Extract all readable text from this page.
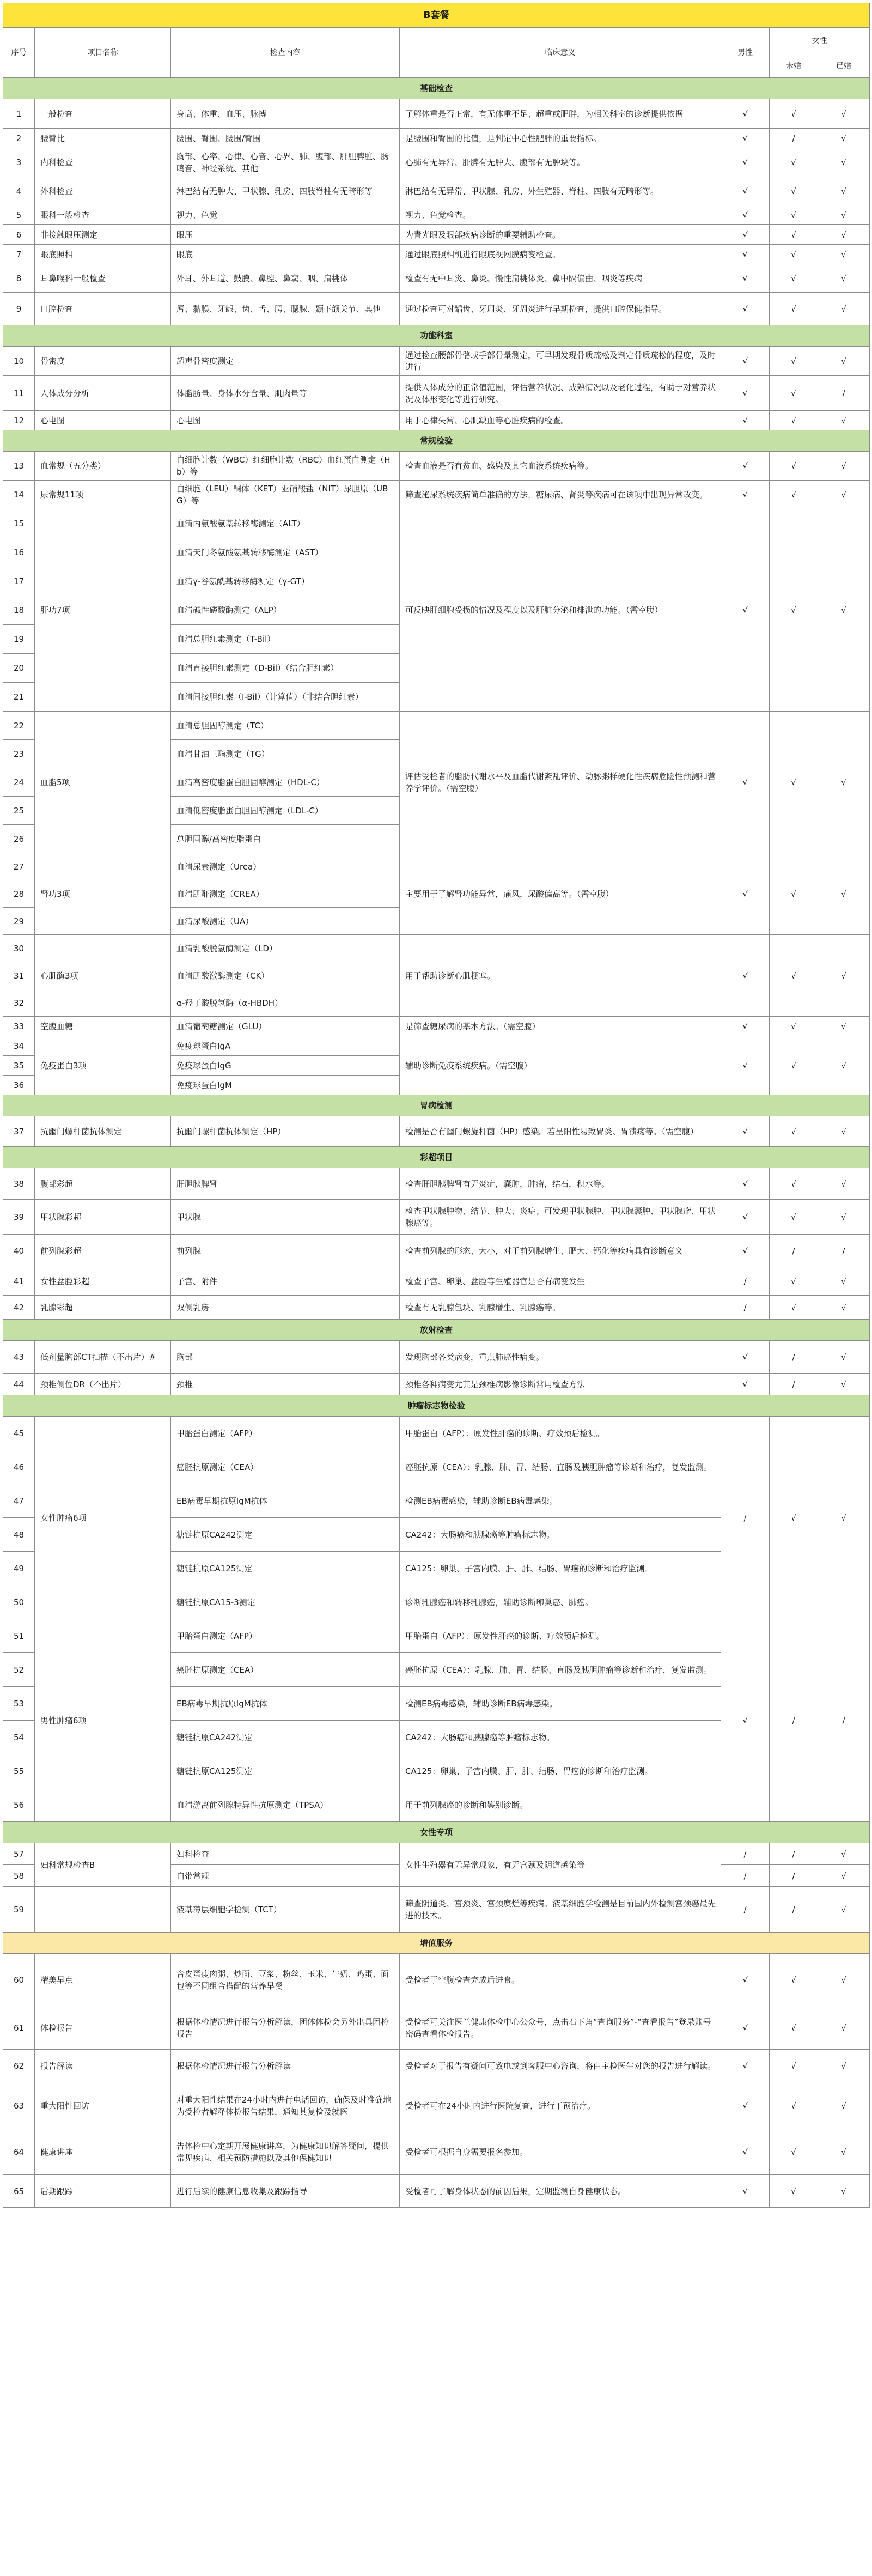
B套餐						
序号	项目名称	检查内容	临床意义	男性	女性	
					未婚	已婚
基础检查						
1	一般检查	身高、体重、血压、脉搏	了解体重是否正常，有无体重不足、超重或肥胖，为相关科室的诊断提供依据	√	√	√
2	腰臀比	腰围、臀围、腰围/臀围	是腰围和臀围的比值，是判定中心性肥胖的重要指标。	√	/	√
3	内科检查	胸部、心率、心律、心音、心界、肺、腹部、肝胆脾脏、肠鸣音、神经系统、其他	心肺有无异常、肝脾有无肿大、腹部有无肿块等。	√	√	√
4	外科检查	淋巴结有无肿大、甲状腺、乳房、四肢脊柱有无畸形等	淋巴结有无异常、甲状腺、乳房、外生殖器、脊柱、四肢有无畸形等。	√	√	√
5	眼科一般检查	视力、色觉	视力、色觉检查。	√	√	√
6	非接触眼压测定	眼压	为青光眼及眼部疾病诊断的重要辅助检查。	√	√	√
7	眼底照相	眼底	通过眼底照相机进行眼底视网膜病变检查。	√	√	√
8	耳鼻喉科一般检查	外耳、外耳道、鼓膜、鼻腔、鼻窦、咽、扁桃体	检查有无中耳炎、鼻炎、慢性扁桃体炎、鼻中隔偏曲、咽炎等疾病	√	√	√
9	口腔检查	唇、黏膜、牙龈、齿、舌、腭、腮腺、颞下颌关节、其他	通过检查可对龋齿、牙周炎、牙周炎进行早期检查，提供口腔保健指导。	√	√	√
功能科室						
10	骨密度	超声骨密度测定	通过检查腰部骨骼或手部骨量测定，可早期发现骨质疏松及判定骨质疏松的程度，及时进行	√	√	√
11	人体成分分析	体脂肪量、身体水分含量、肌肉量等	提供人体成分的正常值范围，评估营养状况、成熟情况以及老化过程，有助于对营养状况及体形变化等进行研究。	√	√	/
12	心电图	心电图	用于心律失常、心肌缺血等心脏疾病的检查。	√	√	√
常规检验						
13	血常规（五分类）	白细胞计数（WBC）红细胞计数（RBC）血红蛋白测定（Hb）等	检查血液是否有贫血、感染及其它血液系统疾病等。	√	√	√
14	尿常规11项	白细胞（LEU）酮体（KET）亚硝酸盐（NIT）尿胆原（UBG）等	筛查泌尿系统疾病简单准确的方法，糖尿病、肾炎等疾病可在该项中出现异常改变。	√	√	√
15	肝功7项	血清丙氨酸氨基转移酶测定（ALT）	可反映肝细胞受损的情况及程度以及肝脏分泌和排泄的功能。（需空腹）	√	√	√
16		血清天门冬氨酸氨基转移酶测定（AST）				
17		血清γ-谷氨酰基转移酶测定（γ-GT）				
18		血清碱性磷酸酶测定（ALP）				
19		血清总胆红素测定（T-Bil）				
20		血清直接胆红素测定（D-Bil）（结合胆红素）				
21		血清间接胆红素（I-Bil）（计算值）（非结合胆红素）				
22	血脂5项	血清总胆固醇测定（TC）	评估受检者的脂肪代谢水平及血脂代谢紊乱评价、动脉粥样硬化性疾病危险性预测和营养学评价。（需空腹）	√	√	√
23		血清甘油三酯测定（TG）				
24		血清高密度脂蛋白胆固醇测定（HDL-C）				
25		血清低密度脂蛋白胆固醇测定（LDL-C）				
26		总胆固醇/高密度脂蛋白				
27	肾功3项	血清尿素测定（Urea）	主要用于了解肾功能异常，痛风，尿酸偏高等。（需空腹）	√	√	√
28		血清肌酐测定（CREA）				
29		血清尿酸测定（UA）				
30	心肌酶3项	血清乳酸脱氢酶测定（LD）	用于帮助诊断心肌梗塞。	√	√	√
31		血清肌酸激酶测定（CK）				
32		α-羟丁酸脱氢酶（α-HBDH）				
33	空腹血糖	血清葡萄糖测定（GLU）	是筛查糖尿病的基本方法。（需空腹）	√	√	√
34	免疫蛋白3项	免疫球蛋白IgA	辅助诊断免疫系统疾病。（需空腹）	√	√	√
35		免疫球蛋白IgG				
36		免疫球蛋白IgM				
胃病检测						
37	抗幽门螺杆菌抗体测定	抗幽门螺杆菌抗体测定（HP）	检测是否有幽门螺旋杆菌（HP）感染。若呈阳性易致胃炎、胃溃疡等。（需空腹）	√	√	√
彩超项目						
38	腹部彩超	肝胆胰脾肾	检查肝胆胰脾肾有无炎症，囊肿，肿瘤，结石，积水等。	√	√	√
39	甲状腺彩超	甲状腺	检查甲状腺肿物、结节、肿大、炎症；可发现甲状腺肿、甲状腺囊肿、甲状腺瘤、甲状腺癌等。	√	√	√
40	前列腺彩超	前列腺	检查前列腺的形态、大小，对于前列腺增生、肥大、钙化等疾病具有诊断意义	√	/	/
41	女性盆腔彩超	子宫、附件	检查子宫、卵巢、盆腔等生殖器官是否有病变发生	/	√	√
42	乳腺彩超	双侧乳房	检查有无乳腺包块、乳腺增生、乳腺癌等。	/	√	√
放射检查						
43	低剂量胸部CT扫描（不出片）#	胸部	发现胸部各类病变，重点肺癌性病变。	√	/	√
44	颈椎侧位DR（不出片）	颈椎	颈椎各种病变尤其是颈椎病影像诊断常用检查方法	√	/	√
肿瘤标志物检验						
45	女性肿瘤6项	甲胎蛋白测定（AFP）	甲胎蛋白（AFP）：原发性肝癌的诊断、疗效预后检测。	/	√	√
46		癌胚抗原测定（CEA）	癌胚抗原（CEA）：乳腺、肺、胃、结肠、直肠及胰胆肿瘤等诊断和治疗，复发监测。			
47		EB病毒早期抗原IgM抗体	检测EB病毒感染，辅助诊断EB病毒感染。			
48		糖链抗原CA242测定	CA242：大肠癌和胰腺癌等肿瘤标志物。			
49		糖链抗原CA125测定	CA125：卵巢、子宫内膜、肝、肺、结肠、胃癌的诊断和治疗监测。			
50		糖链抗原CA15-3测定	诊断乳腺癌和转移乳腺癌，辅助诊断卵巢癌、肺癌。			
51	男性肿瘤6项	甲胎蛋白测定（AFP）	甲胎蛋白（AFP）：原发性肝癌的诊断、疗效预后检测。	√	/	/
52		癌胚抗原测定（CEA）	癌胚抗原（CEA）：乳腺、肺、胃、结肠、直肠及胰胆肿瘤等诊断和治疗，复发监测。			
53		EB病毒早期抗原IgM抗体	检测EB病毒感染，辅助诊断EB病毒感染。			
54		糖链抗原CA242测定	CA242：大肠癌和胰腺癌等肿瘤标志物。			
55		糖链抗原CA125测定	CA125：卵巢、子宫内膜、肝、肺、结肠、胃癌的诊断和治疗监测。			
56		血清游离前列腺特异性抗原测定（TPSA）	用于前列腺癌的诊断和鉴别诊断。			
女性专项						
57	妇科常规检查B	妇科检查	女性生殖器有无异常现象，有无宫颈及阴道感染等	/	/	√
58		白带常规		/	/	√
59		液基薄层细胞学检测（TCT）	筛查阴道炎、宫颈炎、宫颈糜烂等疾病。液基细胞学检测是目前国内外检测宫颈癌最先进的技术。	/	/	√
增值服务						
60	精美早点	含皮蛋瘦肉粥、炒面、豆浆、粉丝、玉米、牛奶、鸡蛋、面包等不同组合搭配的营养早餐	受检者于空腹检查完成后进食。	√	√	√
61	体检报告	根据体检情况进行报告分析解读，团体体检会另外出具团检报告	受检者可关注医兰健康体检中心公众号，点击右下角“查询服务”-“查看报告”登录账号密码查看体检报告。	√	√	√
62	报告解读	根据体检情况进行报告分析解读	受检者对于报告有疑问可致电或到客服中心咨询，将由主检医生对您的报告进行解读。	√	√	√
63	重大阳性回访	对重大阳性结果在24小时内进行电话回访，确保及时准确地为受检者解释体检报告结果，通知其复检及就医	受检者可在24小时内进行医院复查，进行干预治疗。	√	√	√
64	健康讲座	告体检中心定期开展健康讲座，为健康知识解答疑问，提供常见疾病、相关预防措施以及其他保健知识	受检者可根据自身需要报名参加。	√	√	√
65	后期跟踪	进行后续的健康信息收集及跟踪指导	受检者可了解身体状态的前因后果，定期监测自身健康状态。	√	√	√
